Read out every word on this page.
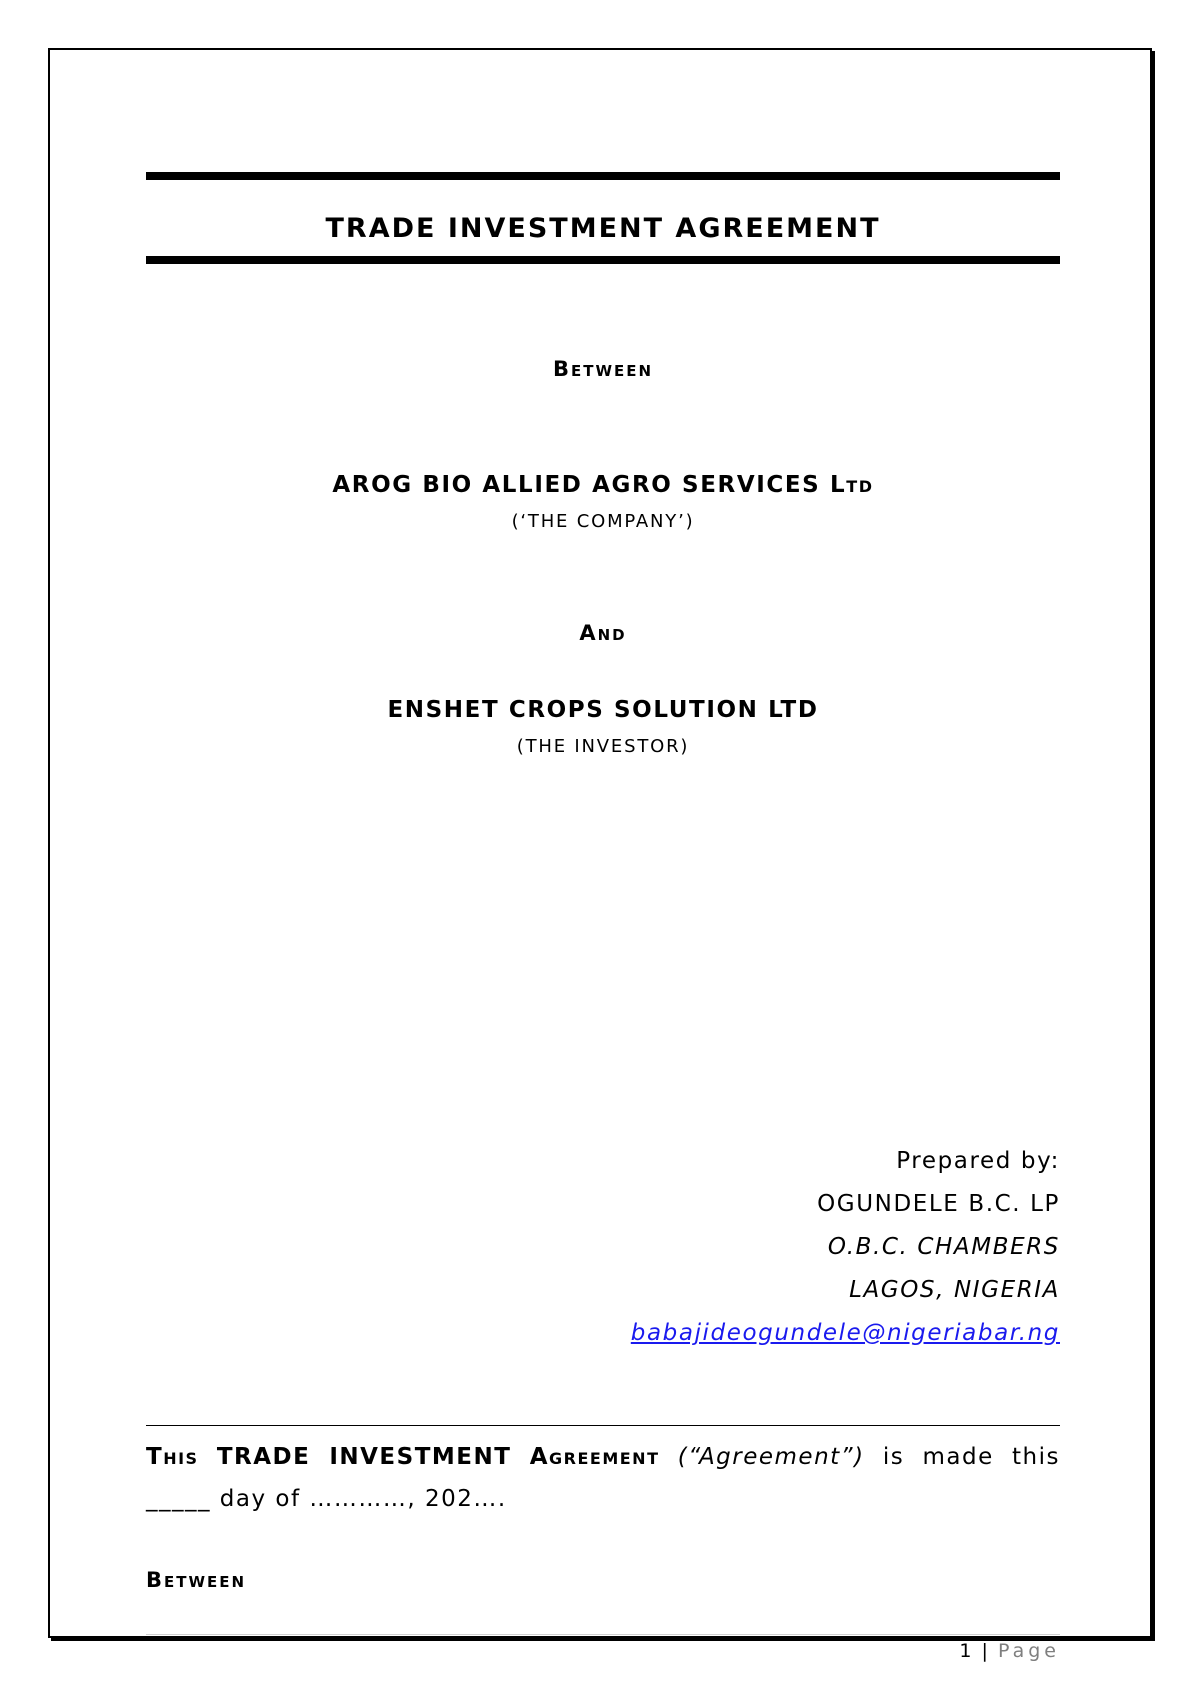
TRADE INVESTMENT AGREEMENT
Between
AROG BIO ALLIED AGRO SERVICES Ltd
(‘THE COMPANY’)
And
ENSHET CROPS SOLUTION LTD
(THE INVESTOR)
Prepared by:
OGUNDELE B.C. LP
O.B.C. CHAMBERS
LAGOS, NIGERIA
babajideogundele@nigeriabar.ng
This TRADE INVESTMENT Agreement (“Agreement”) is made this _____ day of …………, 202….
Between
1 | Page
